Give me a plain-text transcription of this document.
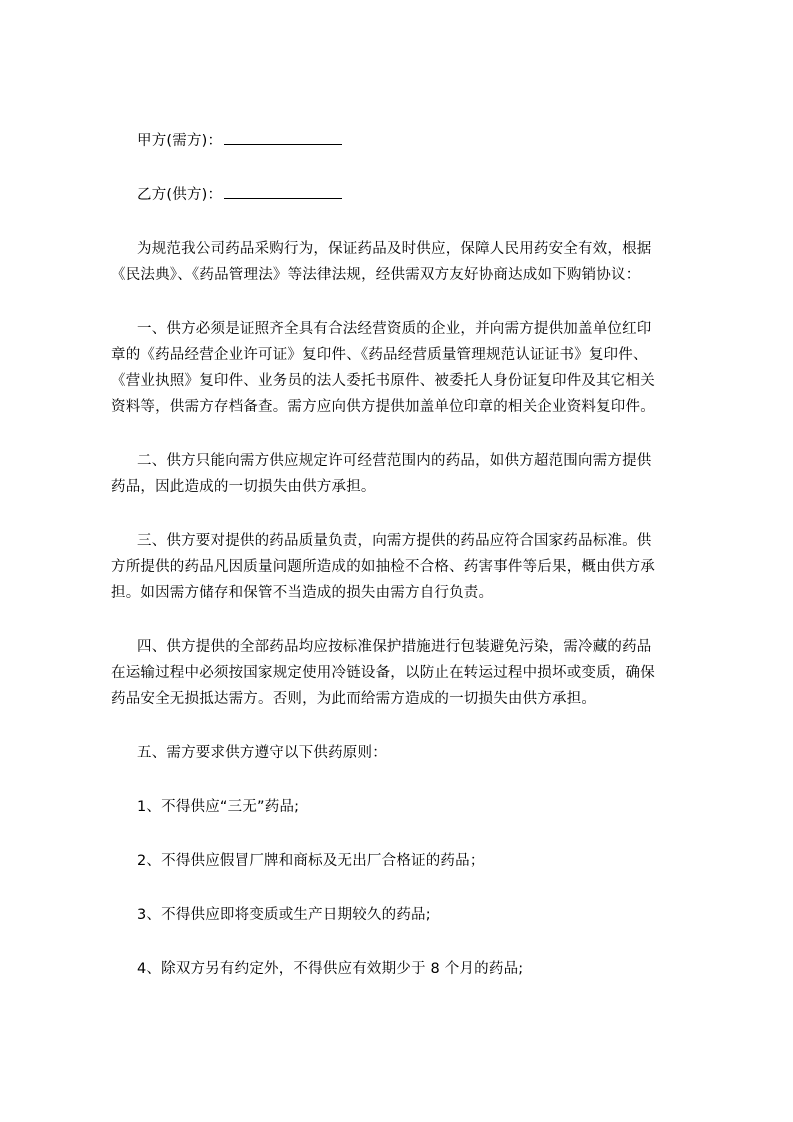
甲方(需方)：
乙方(供方)：
为规范我公司药品采购行为，保证药品及时供应，保障人民用药安全有效，根据
《民法典》、《药品管理法》等法律法规，经供需双方友好协商达成如下购销协议：
一、供方必须是证照齐全具有合法经营资质的企业，并向需方提供加盖单位红印
章的《药品经营企业许可证》复印件、《药品经营质量管理规范认证证书》复印件、
《营业执照》复印件、业务员的法人委托书原件、被委托人身份证复印件及其它相关
资料等，供需方存档备查。需方应向供方提供加盖单位印章的相关企业资料复印件。
二、供方只能向需方供应规定许可经营范围内的药品，如供方超范围向需方提供
药品，因此造成的一切损失由供方承担。
三、供方要对提供的药品质量负责，向需方提供的药品应符合国家药品标准。供
方所提供的药品凡因质量问题所造成的如抽检不合格、药害事件等后果，概由供方承
担。如因需方储存和保管不当造成的损失由需方自行负责。
四、供方提供的全部药品均应按标准保护措施进行包装避免污染，需冷藏的药品
在运输过程中必须按国家规定使用冷链设备，以防止在转运过程中损坏或变质，确保
药品安全无损抵达需方。否则，为此而给需方造成的一切损失由供方承担。
五、需方要求供方遵守以下供药原则：
1、不得供应“三无”药品;
2、不得供应假冒厂牌和商标及无出厂合格证的药品；
3、不得供应即将变质或生产日期较久的药品;
4、除双方另有约定外，不得供应有效期少于 8 个月的药品;
